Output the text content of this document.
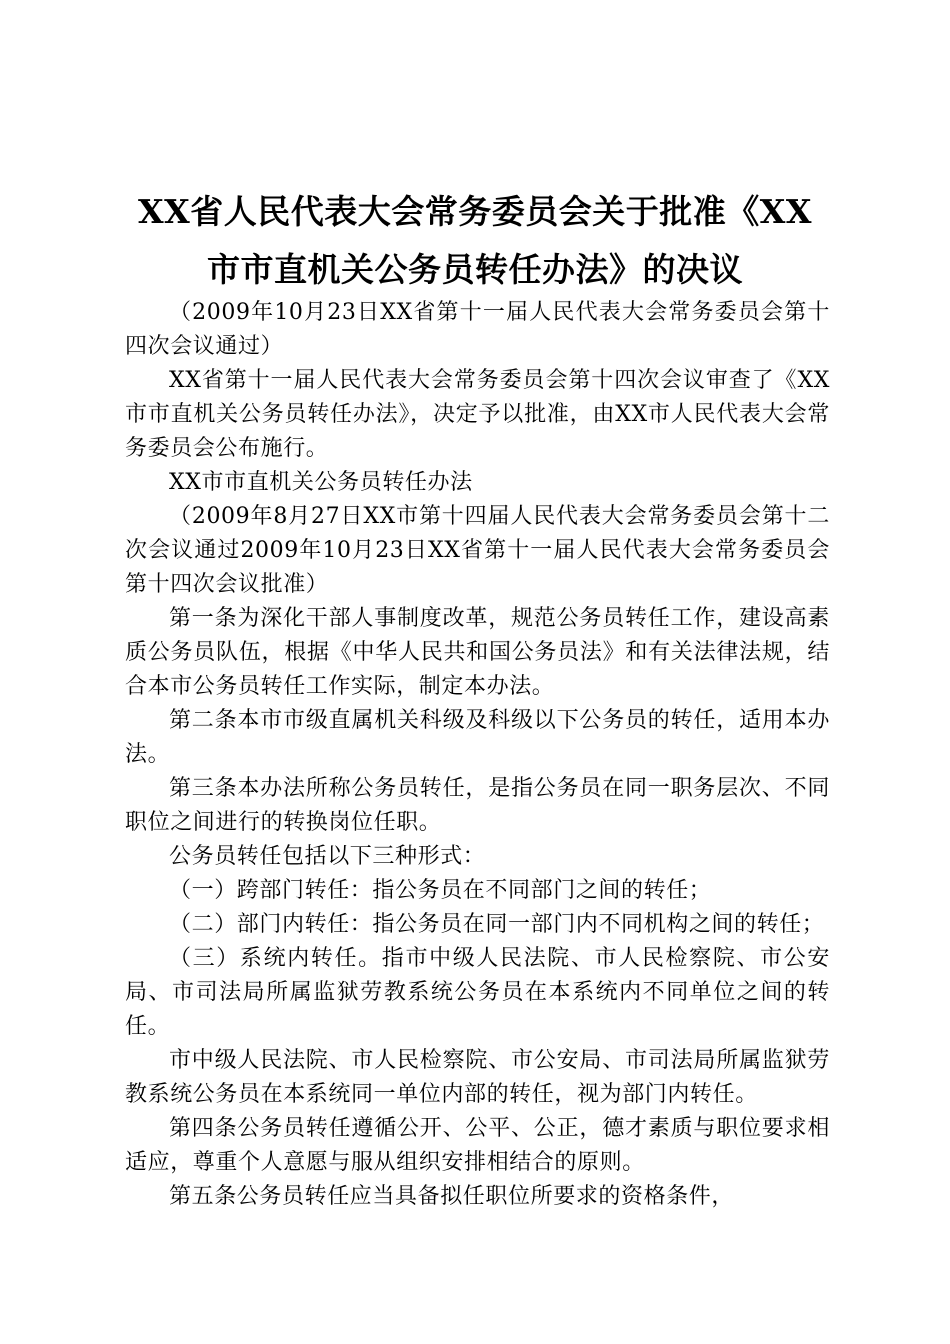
XX省人民代表大会常务委员会关于批准《XX
市市直机关公务员转任办法》的决议

（2009年10月23日XX省第十一届人民代表大会常务委员会第十四次会议通过）

XX省第十一届人民代表大会常务委员会第十四次会议审查了《XX市市直机关公务员转任办法》，决定予以批准，由XX市人民代表大会常务委员会公布施行。

XX市市直机关公务员转任办法

（2009年8月27日XX市第十四届人民代表大会常务委员会第十二次会议通过2009年10月23日XX省第十一届人民代表大会常务委员会第十四次会议批准）

第一条为深化干部人事制度改革，规范公务员转任工作，建设高素质公务员队伍，根据《中华人民共和国公务员法》和有关法律法规，结合本市公务员转任工作实际，制定本办法。

第二条本市市级直属机关科级及科级以下公务员的转任，适用本办法。

第三条本办法所称公务员转任，是指公务员在同一职务层次、不同职位之间进行的转换岗位任职。

公务员转任包括以下三种形式：

（一）跨部门转任：指公务员在不同部门之间的转任；

（二）部门内转任：指公务员在同一部门内不同机构之间的转任；

（三）系统内转任。指市中级人民法院、市人民检察院、市公安局、市司法局所属监狱劳教系统公务员在本系统内不同单位之间的转任。

市中级人民法院、市人民检察院、市公安局、市司法局所属监狱劳教系统公务员在本系统同一单位内部的转任，视为部门内转任。

第四条公务员转任遵循公开、公平、公正，德才素质与职位要求相适应，尊重个人意愿与服从组织安排相结合的原则。

第五条公务员转任应当具备拟任职位所要求的资格条件，
